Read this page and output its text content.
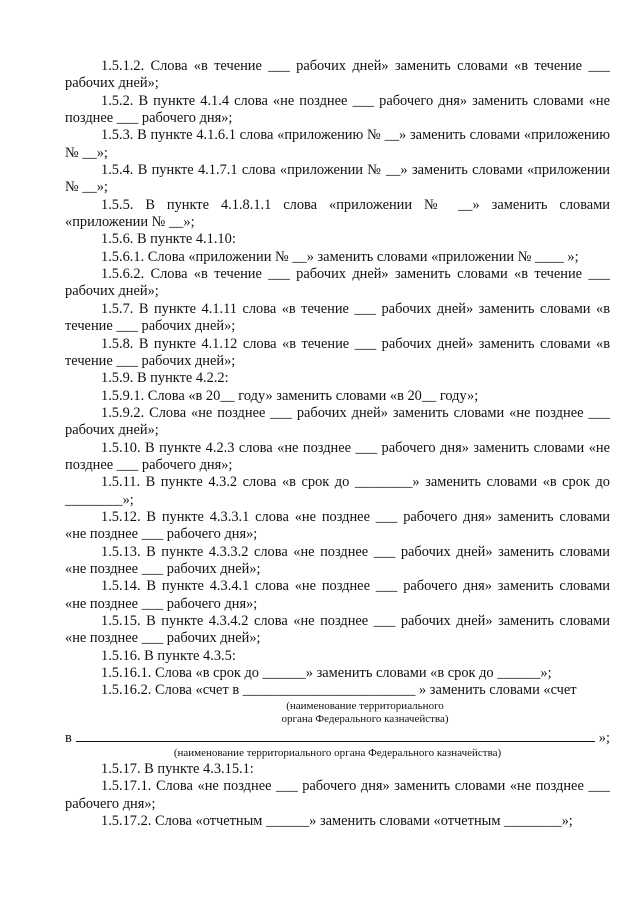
1.5.1.2. Слова «в течение ___ рабочих дней» заменить словами «в течение ___ рабочих дней»;

1.5.2. В пункте 4.1.4 слова «не позднее ___ рабочего дня» заменить словами «не позднее ___ рабочего дня»;

1.5.3. В пункте 4.1.6.1 слова «приложению № __» заменить словами «приложению № __»;

1.5.4. В пункте 4.1.7.1 слова «приложении № __» заменить словами «приложении № __»;

1.5.5. В пункте 4.1.8.1.1 слова «приложении № __» заменить словами «приложении № __»;

1.5.6. В пункте 4.1.10:

1.5.6.1. Слова «приложении № __» заменить словами «приложении № ____ »;

1.5.6.2. Слова «в течение ___ рабочих дней» заменить словами «в течение ___ рабочих дней»;

1.5.7. В пункте 4.1.11 слова «в течение ___ рабочих дней» заменить словами «в течение ___ рабочих дней»;

1.5.8. В пункте 4.1.12 слова «в течение ___ рабочих дней» заменить словами «в течение ___ рабочих дней»;

1.5.9. В пункте 4.2.2:

1.5.9.1. Слова «в 20__ году» заменить словами «в 20__ году»;

1.5.9.2. Слова «не позднее ___ рабочих дней» заменить словами «не позднее ___ рабочих дней»;

1.5.10. В пункте 4.2.3 слова «не позднее ___ рабочего дня» заменить словами «не позднее ___ рабочего дня»;

1.5.11. В пункте 4.3.2 слова «в срок до ________» заменить словами «в срок до ________»;

1.5.12. В пункте 4.3.3.1 слова «не позднее ___ рабочего дня» заменить словами «не позднее ___ рабочего дня»;

1.5.13. В пункте 4.3.3.2 слова «не позднее ___ рабочих дней» заменить словами «не позднее ___ рабочих дней»;

1.5.14. В пункте 4.3.4.1 слова «не позднее ___ рабочего дня» заменить словами «не позднее ___ рабочего дня»;

1.5.15. В пункте 4.3.4.2 слова «не позднее ___ рабочих дней» заменить словами «не позднее ___ рабочих дней»;

1.5.16. В пункте 4.3.5:

1.5.16.1. Слова «в срок до ______» заменить словами «в срок до ______»;

1.5.16.2. Слова «счет в ________________________ » заменить словами «счет

(наименование территориального
органа Федерального казначейства)
в	»;
(наименование территориального органа Федерального казначейства)

1.5.17. В пункте 4.3.15.1:

1.5.17.1. Слова «не позднее ___ рабочего дня» заменить словами «не позднее ___ рабочего дня»;

1.5.17.2. Слова «отчетным ______» заменить словами «отчетным ________»;
